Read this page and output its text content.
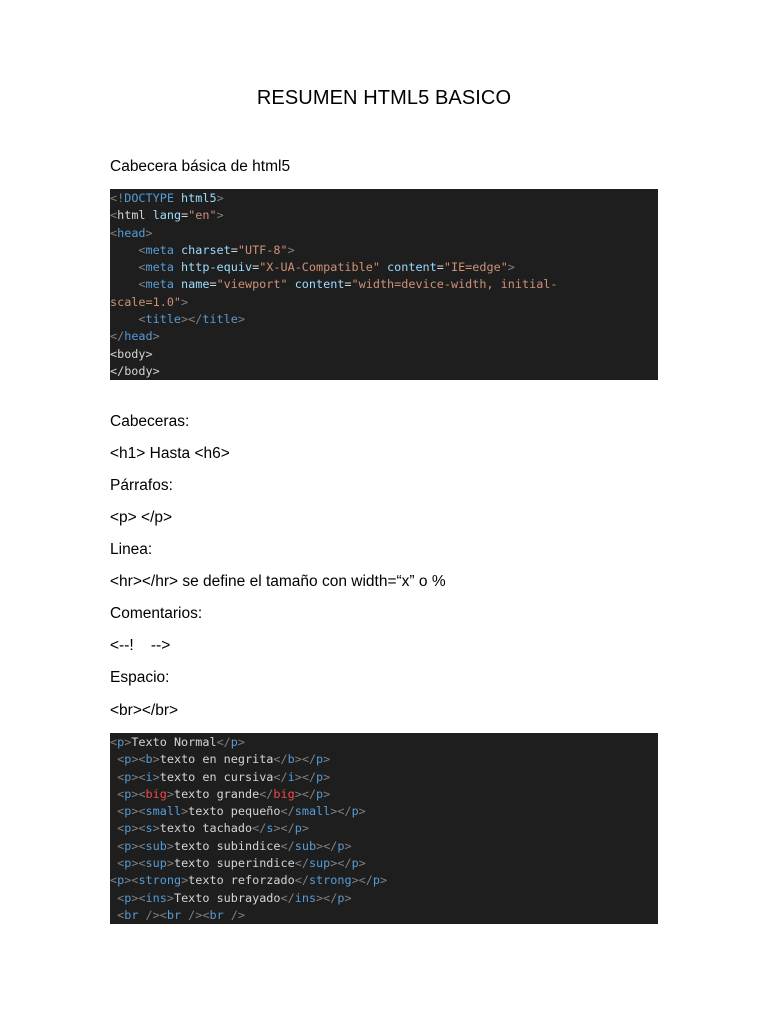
RESUMEN HTML5 BASICO
Cabecera básica de html5
<!DOCTYPE html5>
<html lang="en">
<head>
<meta charset="UTF-8">
<meta http-equiv="X-UA-Compatible" content="IE=edge">
<meta name="viewport" content="width=device-width, initial-
scale=1.0">
<title></title>
</head>
<body>
</body>
Cabeceras:
<h1> Hasta <h6>
Párrafos:
<p> </p>
Linea:
<hr></hr> se define el tamaño con width=“x” o %
Comentarios:
<--!    -->
Espacio:
<br></br>
<p>Texto Normal</p>
<p><b>texto en negrita</b></p>
<p><i>texto en cursiva</i></p>
<p><big>texto grande</big></p>
<p><small>texto pequeño</small></p>
<p><s>texto tachado</s></p>
<p><sub>texto subindice</sub></p>
<p><sup>texto superindice</sup></p>
<p><strong>texto reforzado</strong></p>
<p><ins>Texto subrayado</ins></p>
<br /><br /><br />
